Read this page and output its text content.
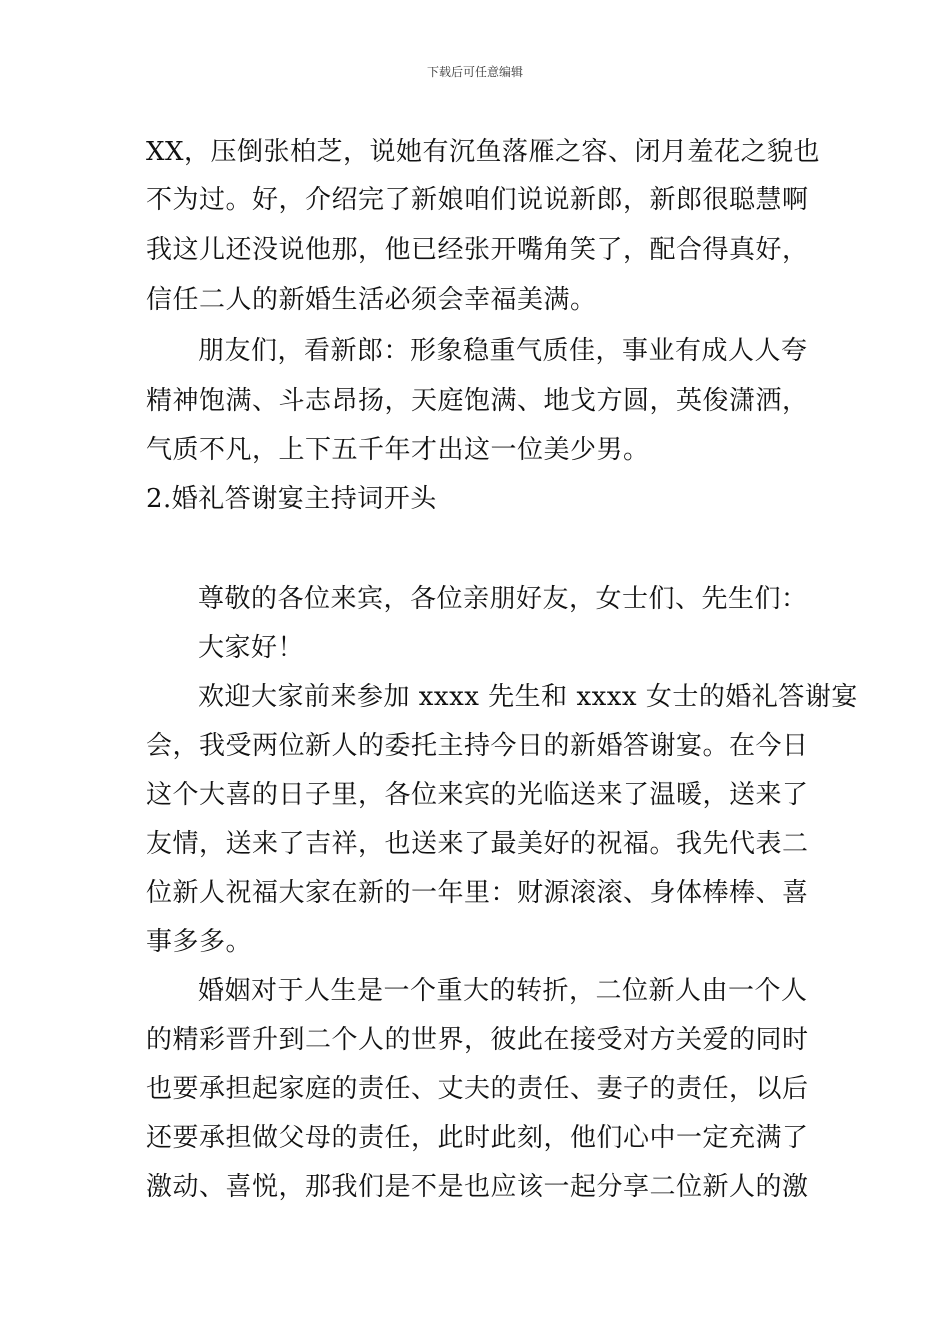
下载后可任意编辑
XX，压倒张柏芝，说她有沉鱼落雁之容、闭月羞花之貌也
不为过。好，介绍完了新娘咱们说说新郎，新郎很聪慧啊
我这儿还没说他那，他已经张开嘴角笑了，配合得真好，
信任二人的新婚生活必须会幸福美满。
朋友们，看新郎：形象稳重气质佳，事业有成人人夸
精神饱满、斗志昂扬，天庭饱满、地戈方圆，英俊潇洒，
气质不凡，上下五千年才出这一位美少男。
2.婚礼答谢宴主持词开头
尊敬的各位来宾，各位亲朋好友，女士们、先生们：
大家好！
欢迎大家前来参加 xxxx 先生和 xxxx 女士的婚礼答谢宴
会，我受两位新人的委托主持今日的新婚答谢宴。在今日
这个大喜的日子里，各位来宾的光临送来了温暖，送来了
友情，送来了吉祥，也送来了最美好的祝福。我先代表二
位新人祝福大家在新的一年里：财源滚滚、身体棒棒、喜
事多多。
婚姻对于人生是一个重大的转折，二位新人由一个人
的精彩晋升到二个人的世界，彼此在接受对方关爱的同时
也要承担起家庭的责任、丈夫的责任、妻子的责任，以后
还要承担做父母的责任，此时此刻，他们心中一定充满了
激动、喜悦，那我们是不是也应该一起分享二位新人的激
